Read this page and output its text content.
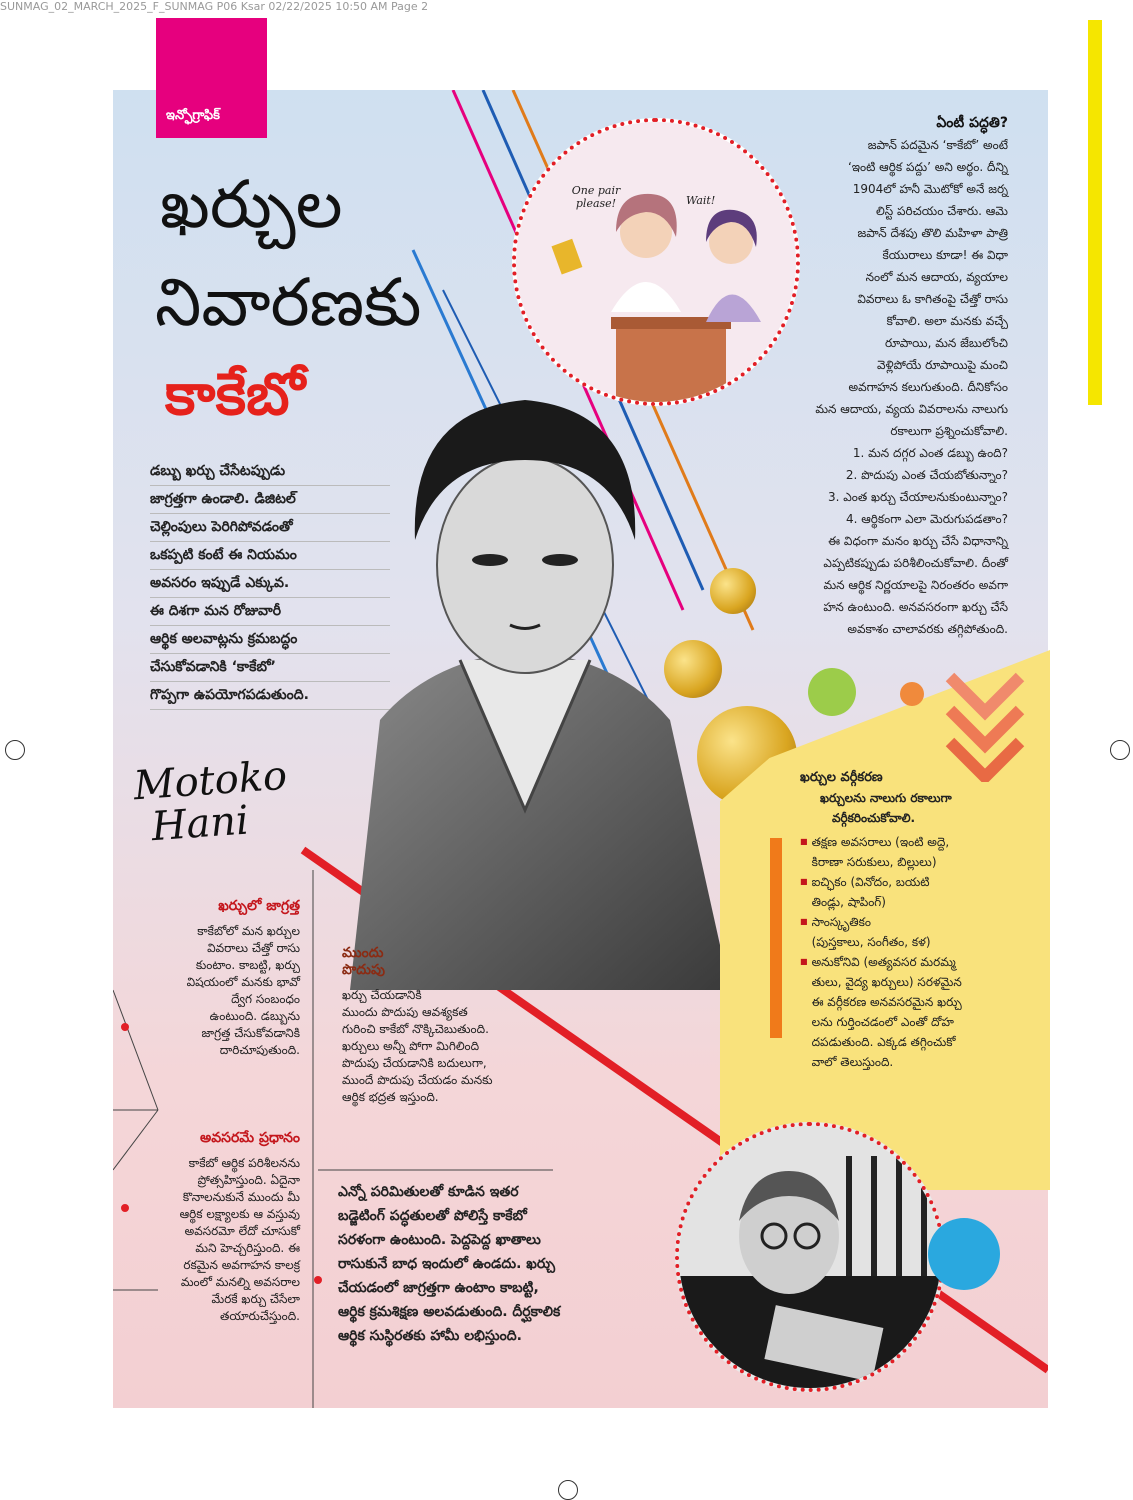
SUNMAG_02_MARCH_2025_F_SUNMAG P06 Ksar 02/22/2025 10:50 AM Page 2
ఇన్ఫోగ్రాఫిక్
ఖర్చుల
నివారణకు
కాకేబో
డబ్బు ఖర్చు చేసేటప్పుడు
జాగ్రత్తగా ఉండాలి. డిజిటల్
చెల్లింపులు పెరిగిపోవడంతో
ఒకప్పటి కంటే ఈ నియమం
అవసరం ఇప్పుడే ఎక్కువ.
ఈ దిశగా మన రోజువారీ
ఆర్థిక అలవాట్లను క్రమబద్ధం
చేసుకోవడానికి ‘కాకేబో’
గొప్పగా ఉపయోగపడుతుంది.
Motoko
Hani
One pair please!	Wait!
ఏంటీ పద్ధతి?
జపాన్ పదమైన ‘కాకేబో’ అంటే
‘ఇంటి ఆర్థిక పద్దు’ అని అర్థం. దీన్ని
1904లో హనీ మొటోకో అనే జర్న
లిస్ట్ పరిచయం చేశారు. ఆమె
జపాన్ దేశపు తొలి మహిళా పాత్రి
కేయురాలు కూడా! ఈ విధా
నంలో మన ఆదాయ, వ్యయాల
వివరాలు ఓ కాగితంపై చేత్తో రాసు
కోవాలి. అలా మనకు వచ్చే
రూపాయి, మన జేబులోంచి
వెళ్లిపోయే రూపాయిపై మంచి
అవగాహన కలుగుతుంది. దీనికోసం
మన ఆదాయ, వ్యయ వివరాలను నాలుగు
రకాలుగా ప్రశ్నించుకోవాలి.
1. మన దగ్గర ఎంత డబ్బు ఉంది?
2. పొదుపు ఎంత చేయబోతున్నాం?
3. ఎంత ఖర్చు చేయాలనుకుంటున్నాం?
4. ఆర్థికంగా ఎలా మెరుగుపడతాం?
ఈ విధంగా మనం ఖర్చు చేసే విధానాన్ని
ఎప్పటికప్పుడు పరిశీలించుకోవాలి. దీంతో
మన ఆర్థిక నిర్ణయాలపై నిరంతరం అవగా
హన ఉంటుంది. అనవసరంగా ఖర్చు చేసే
అవకాశం చాలావరకు తగ్గిపోతుంది.
ఖర్చుల వర్గీకరణ
ఖర్చులను నాలుగు రకాలుగా
వర్గీకరించుకోవాలి.
■ తక్షణ అవసరాలు (ఇంటి అద్దె,
కిరాణా సరుకులు, బిల్లులు)
■ ఐచ్ఛికం (వినోదం, బయటి
తిండ్లు, షాపింగ్)
■ సాంస్కృతికం
(పుస్తకాలు, సంగీతం, కళ)
■ అనుకోనివి (అత్యవసర మరమ్మ
తులు, వైద్య ఖర్చులు) సరళమైన
ఈ వర్గీకరణ అనవసరమైన ఖర్చు
లను గుర్తించడంలో ఎంతో దోహ
దపడుతుంది. ఎక్కడ తగ్గించుకో
వాలో తెలుస్తుంది.
ఖర్చులో జాగ్రత్త
కాకేబోలో మన ఖర్చుల
వివరాలు చేత్తో రాసు
కుంటాం. కాబట్టి, ఖర్చు
విషయంలో మనకు భావో
ద్వేగ సంబంధం
ఉంటుంది. డబ్బును
జాగ్రత్త చేసుకోవడానికి
దారిచూపుతుంది.
ముందు
పొదుపు
ఖర్చు చేయడానికి
ముందు పొదుపు ఆవశ్యకత
గురించి కాకేబో నొక్కిచెబుతుంది.
ఖర్చులు అన్నీ పోగా మిగిలింది
పొదుపు చేయడానికి బదులుగా,
ముందే పొదుపు చేయడం మనకు
ఆర్థిక భద్రత ఇస్తుంది.
అవసరమే ప్రధానం
కాకేబో ఆర్థిక పరిశీలనను
ప్రోత్సహిస్తుంది. ఏదైనా
కొనాలనుకునే ముందు మీ
ఆర్థిక లక్ష్యాలకు ఆ వస్తువు
అవసరమో లేదో చూసుకో
మని హెచ్చరిస్తుంది. ఈ
రకమైన అవగాహన కాలక్ర
మంలో మనల్ని అవసరాల
మేరకే ఖర్చు చేసేలా
తయారుచేస్తుంది.
ఎన్నో పరిమితులతో కూడిన ఇతర
బడ్జెటింగ్ పద్ధతులతో పోలిస్తే కాకేబో
సరళంగా ఉంటుంది. పెద్దపెద్ద ఖాతాలు
రాసుకునే బాధ ఇందులో ఉండదు. ఖర్చు
చేయడంలో జాగ్రత్తగా ఉంటాం కాబట్టి,
ఆర్థిక క్రమశిక్షణ అలవడుతుంది. దీర్ఘకాలిక
ఆర్థిక సుస్థిరతకు హామీ లభిస్తుంది.
